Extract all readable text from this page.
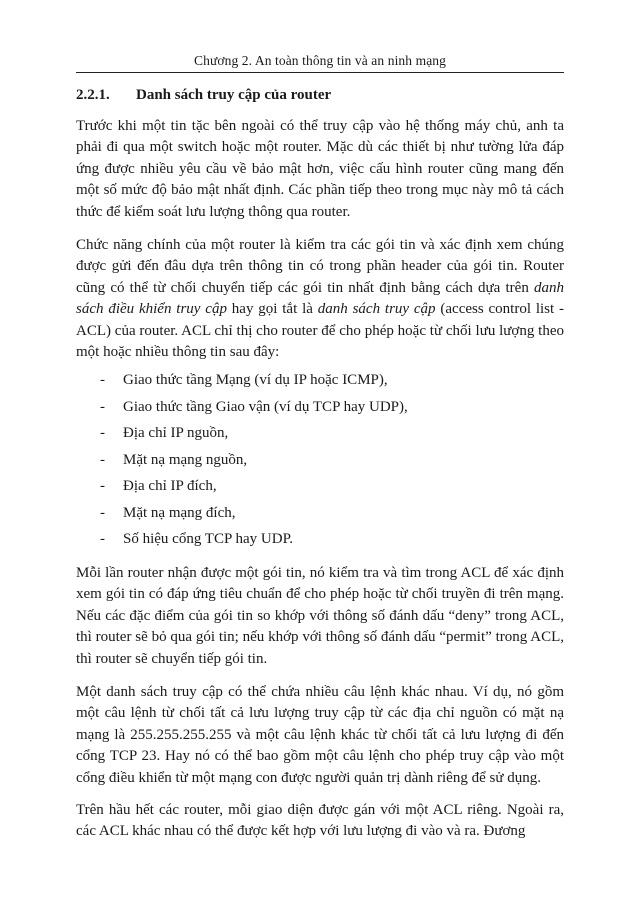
Chương 2. An toàn thông tin và an ninh mạng
2.2.1. Danh sách truy cập của router

Trước khi một tin tặc bên ngoài có thể truy cập vào hệ thống máy chủ, anh ta phải đi qua một switch hoặc một router. Mặc dù các thiết bị như tường lửa đáp ứng được nhiều yêu cầu về bảo mật hơn, việc cấu hình router cũng mang đến một số mức độ bảo mật nhất định. Các phần tiếp theo trong mục này mô tả cách thức để kiểm soát lưu lượng thông qua router.

Chức năng chính của một router là kiểm tra các gói tin và xác định xem chúng được gửi đến đâu dựa trên thông tin có trong phần header của gói tin. Router cũng có thể từ chối chuyển tiếp các gói tin nhất định bằng cách dựa trên danh sách điều khiển truy cập hay gọi tắt là danh sách truy cập (access control list - ACL) của router. ACL chỉ thị cho router để cho phép hoặc từ chối lưu lượng theo một hoặc nhiều thông tin sau đây:

- Giao thức tầng Mạng (ví dụ IP hoặc ICMP),
- Giao thức tầng Giao vận (ví dụ TCP hay UDP),
- Địa chỉ IP nguồn,
- Mặt nạ mạng nguồn,
- Địa chỉ IP đích,
- Mặt nạ mạng đích,
- Số hiệu cổng TCP hay UDP.

Mỗi lần router nhận được một gói tin, nó kiểm tra và tìm trong ACL để xác định xem gói tin có đáp ứng tiêu chuẩn để cho phép hoặc từ chối truyền đi trên mạng. Nếu các đặc điểm của gói tin so khớp với thông số đánh dấu “deny” trong ACL, thì router sẽ bỏ qua gói tin; nếu khớp với thông số đánh dấu “permit” trong ACL, thì router sẽ chuyển tiếp gói tin.

Một danh sách truy cập có thể chứa nhiều câu lệnh khác nhau. Ví dụ, nó gồm một câu lệnh từ chối tất cả lưu lượng truy cập từ các địa chỉ nguồn có mặt nạ mạng là 255.255.255.255 và một câu lệnh khác từ chối tất cả lưu lượng đi đến cổng TCP 23. Hay nó có thể bao gồm một câu lệnh cho phép truy cập vào một cổng điều khiển từ một mạng con được người quản trị dành riêng để sử dụng.

Trên hầu hết các router, mỗi giao diện được gán với một ACL riêng. Ngoài ra, các ACL khác nhau có thể được kết hợp với lưu lượng đi vào và ra. Đương
